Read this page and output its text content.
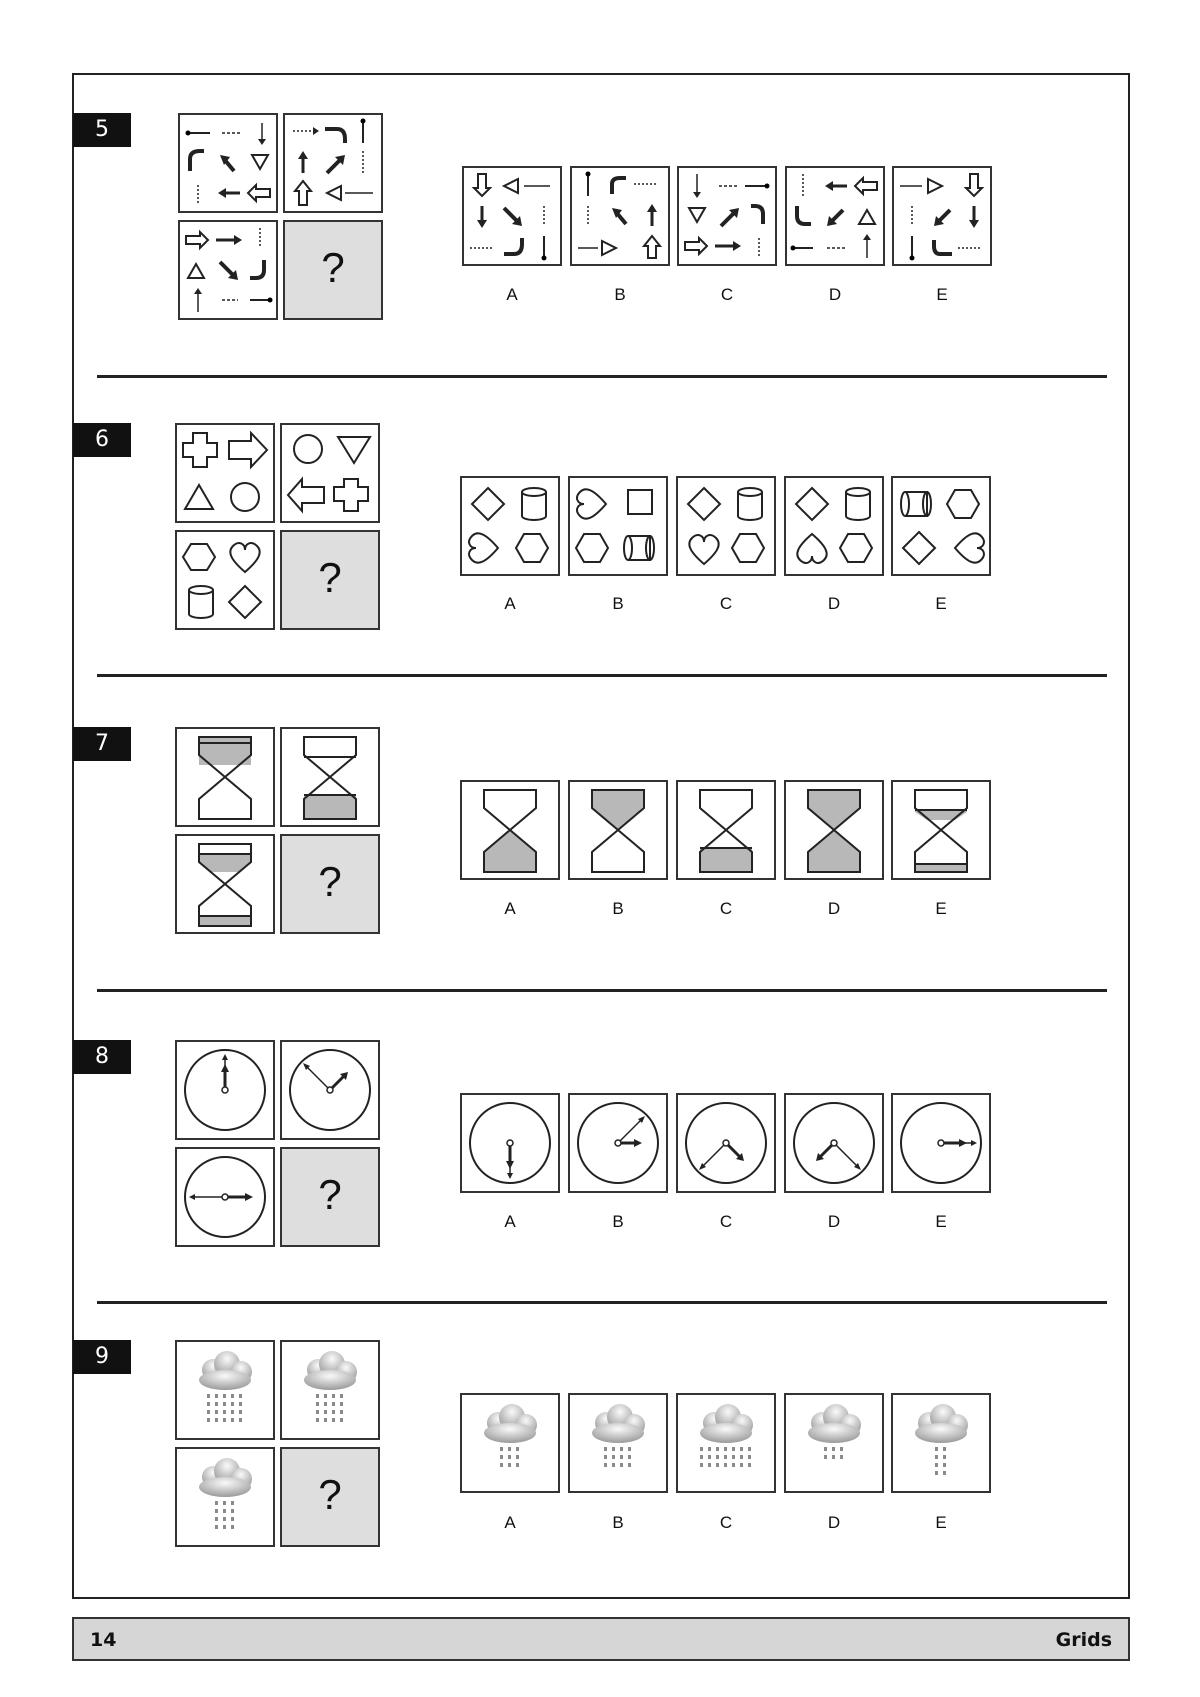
5
?
A	B	C	D	E
6
?
A	B	C	D	E
7
?
A	B	C	D	E
8
?
A	B	C	D	E
9
?
A	B	C	D	E
14	Grids
